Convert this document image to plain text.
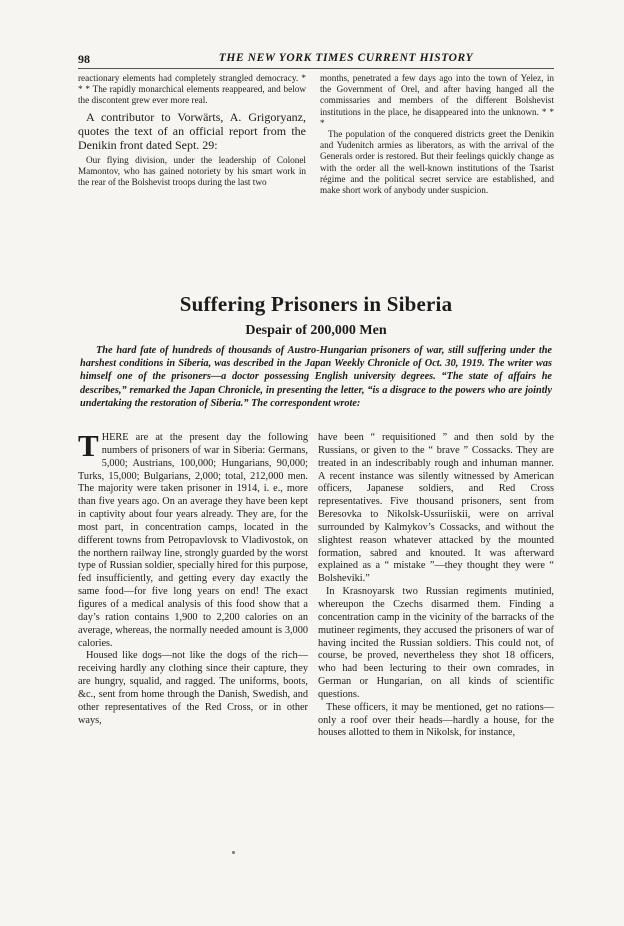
98	THE NEW YORK TIMES CURRENT HISTORY

reactionary elements had completely strangled democracy. * * * The rapidly monarchical elements reappeared, and below the discontent grew ever more real.

A contributor to Vorwärts, A. Grigoryanz, quotes the text of an official report from the Denikin front dated Sept. 29:

Our flying division, under the leadership of Colonel Mamontov, who has gained notoriety by his smart work in the rear of the Bolshevist troops during the last two

months, penetrated a few days ago into the town of Yelez, in the Government of Orel, and after having hanged all the commissaries and members of the different Bolshevist institutions in the place, he disappeared into the unknown. * * *

The population of the conquered districts greet the Denikin and Yudenitch armies as liberators, as with the arrival of the Generals order is restored. But their feelings quickly change as with the order all the well-known institutions of the Tsarist régime and the political secret service are established, and make short work of anybody under suspicion.

Suffering Prisoners in Siberia
Despair of 200,000 Men
The hard fate of hundreds of thousands of Austro-Hungarian prisoners of war, still suffering under the harshest conditions in Siberia, was described in the Japan Weekly Chronicle of Oct. 30, 1919. The writer was himself one of the prisoners—a doctor possessing English university degrees. “The state of affairs he describes,” remarked the Japan Chronicle, in presenting the letter, “is a disgrace to the powers who are jointly undertaking the restoration of Siberia.” The correspondent wrote:

THERE are at the present day the following numbers of prisoners of war in Siberia: Germans, 5,000; Austrians, 100,000; Hungarians, 90,000; Turks, 15,000; Bulgarians, 2,000; total, 212,000 men. The majority were taken prisoner in 1914, i. e., more than five years ago. On an average they have been kept in captivity about four years already. They are, for the most part, in concentration camps, located in the different towns from Petropavlovsk to Vladivostok, on the northern railway line, strongly guarded by the worst type of Russian soldier, specially hired for this purpose, fed insufficiently, and getting every day exactly the same food—for five long years on end! The exact figures of a medical analysis of this food show that a day’s ration contains 1,900 to 2,200 calories on an average, whereas, the normally needed amount is 3,000 calories.

Housed like dogs—not like the dogs of the rich—receiving hardly any clothing since their capture, they are hungry, squalid, and ragged. The uniforms, boots, &c., sent from home through the Danish, Swedish, and other representatives of the Red Cross, or in other ways,

have been “ requisitioned ” and then sold by the Russians, or given to the “ brave ” Cossacks. They are treated in an indescribably rough and inhuman manner. A recent instance was silently witnessed by American officers, Japanese soldiers, and Red Cross representatives. Five thousand prisoners, sent from Beresovka to Nikolsk-Ussuriiskii, were on arrival surrounded by Kalmykov’s Cossacks, and without the slightest reason whatever attacked by the mounted formation, sabred and knouted. It was afterward explained as a “ mistake ”—they thought they were “ Bolsheviki.”

In Krasnoyarsk two Russian regiments mutinied, whereupon the Czechs disarmed them. Finding a concentration camp in the vicinity of the barracks of the mutineer regiments, they accused the prisoners of war of having incited the Russian soldiers. This could not, of course, be proved, nevertheless they shot 18 officers, who had been lecturing to their own comrades, in German or Hungarian, on all kinds of scientific questions.

These officers, it may be mentioned, get no rations—only a roof over their heads—hardly a house, for the houses allotted to them in Nikolsk, for instance,
